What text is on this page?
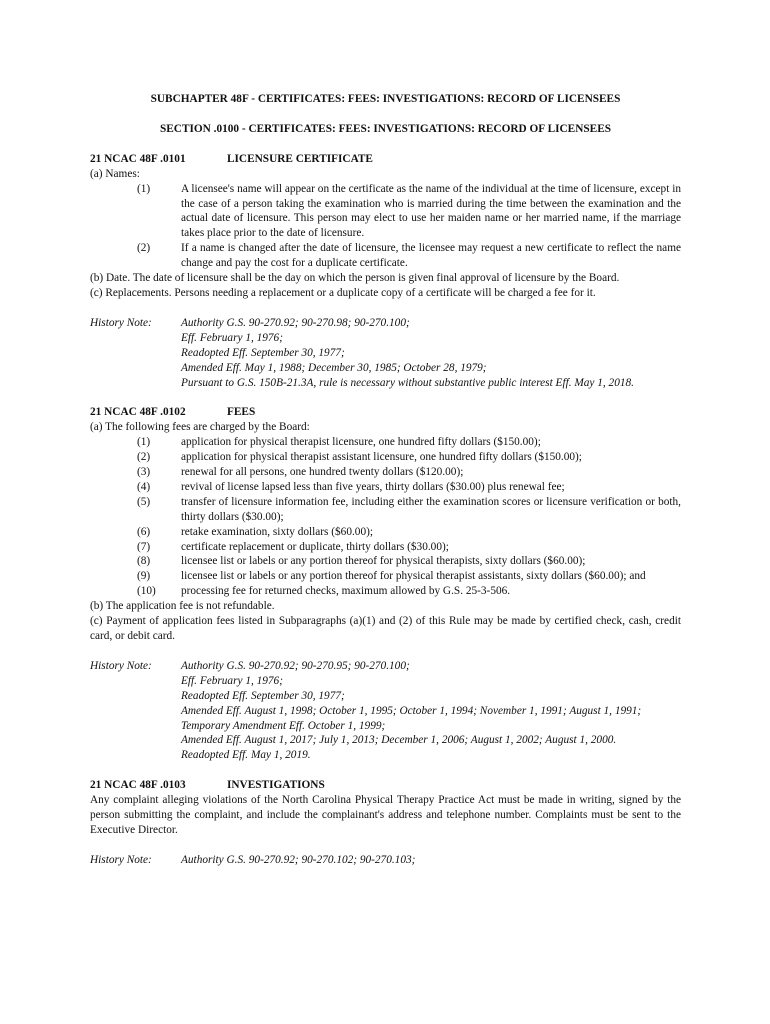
SUBCHAPTER 48F - CERTIFICATES: FEES: INVESTIGATIONS: RECORD OF LICENSEES
SECTION .0100 - CERTIFICATES: FEES: INVESTIGATIONS: RECORD OF LICENSEES
21 NCAC 48F .0101	LICENSURE CERTIFICATE
(a) Names:
(1)	A licensee's name will appear on the certificate as the name of the individual at the time of licensure, except in the case of a person taking the examination who is married during the time between the examination and the actual date of licensure. This person may elect to use her maiden name or her married name, if the marriage takes place prior to the date of licensure.
(2)	If a name is changed after the date of licensure, the licensee may request a new certificate to reflect the name change and pay the cost for a duplicate certificate.
(b) Date. The date of licensure shall be the day on which the person is given final approval of licensure by the Board.
(c) Replacements. Persons needing a replacement or a duplicate copy of a certificate will be charged a fee for it.
History Note:	Authority G.S. 90-270.92; 90-270.98; 90-270.100;
Eff. February 1, 1976;
Readopted Eff. September 30, 1977;
Amended Eff. May 1, 1988; December 30, 1985; October 28, 1979;
Pursuant to G.S. 150B-21.3A, rule is necessary without substantive public interest Eff. May 1, 2018.
21 NCAC 48F .0102	FEES
(a) The following fees are charged by the Board:
(1)	application for physical therapist licensure, one hundred fifty dollars ($150.00);
(2)	application for physical therapist assistant licensure, one hundred fifty dollars ($150.00);
(3)	renewal for all persons, one hundred twenty dollars ($120.00);
(4)	revival of license lapsed less than five years, thirty dollars ($30.00) plus renewal fee;
(5)	transfer of licensure information fee, including either the examination scores or licensure verification or both, thirty dollars ($30.00);
(6)	retake examination, sixty dollars ($60.00);
(7)	certificate replacement or duplicate, thirty dollars ($30.00);
(8)	licensee list or labels or any portion thereof for physical therapists, sixty dollars ($60.00);
(9)	licensee list or labels or any portion thereof for physical therapist assistants, sixty dollars ($60.00); and
(10)	processing fee for returned checks, maximum allowed by G.S. 25-3-506.
(b) The application fee is not refundable.
(c) Payment of application fees listed in Subparagraphs (a)(1) and (2) of this Rule may be made by certified check, cash, credit card, or debit card.
History Note:	Authority G.S. 90-270.92; 90-270.95; 90-270.100;
Eff. February 1, 1976;
Readopted Eff. September 30, 1977;
Amended Eff. August 1, 1998; October 1, 1995; October 1, 1994; November 1, 1991; August 1, 1991;
Temporary Amendment Eff. October 1, 1999;
Amended Eff. August 1, 2017; July 1, 2013; December 1, 2006; August 1, 2002; August 1, 2000.
Readopted Eff. May 1, 2019.
21 NCAC 48F .0103	INVESTIGATIONS
Any complaint alleging violations of the North Carolina Physical Therapy Practice Act must be made in writing, signed by the person submitting the complaint, and include the complainant's address and telephone number. Complaints must be sent to the Executive Director.
History Note:	Authority G.S. 90-270.92; 90-270.102; 90-270.103;
